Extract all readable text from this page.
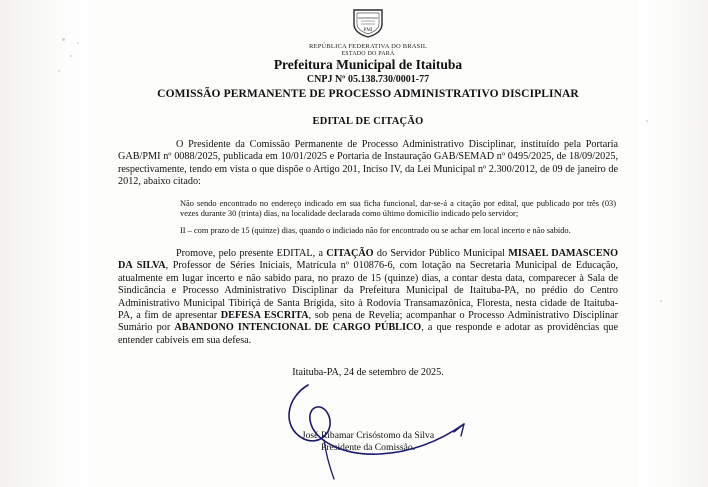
PMI
REPÚBLICA FEDERATIVA DO BRASIL
ESTADO DO PARÁ
Prefeitura Municipal de Itaituba
CNPJ Nº 05.138.730/0001-77
COMISSÃO PERMANENTE DE PROCESSO ADMINISTRATIVO DISCIPLINAR
EDITAL DE CITAÇÃO
O Presidente da Comissão Permanente de Processo Administrativo Disciplinar, instituído pela Portaria GAB/PMI nº 0088/2025, publicada em 10/01/2025 e Portaria de Instauração GAB/SEMAD nº 0495/2025, de 18/09/2025, respectivamente, tendo em vista o que dispõe o Artigo 201, Inciso IV, da Lei Municipal nº 2.300/2012, de 09 de janeiro de 2012, abaixo citado:

Não sendo encontrado no endereço indicado em sua ficha funcional, dar-se-á a citação por edital, que publicado por três (03) vezes durante 30 (trinta) dias, na localidade declarada como último domicílio indicado pelo servidor;

II – com prazo de 15 (quinze) dias, quando o indiciado não for encontrado ou se achar em local incerto e não sabido.

Promove, pelo presente EDITAL, a CITAÇÃO do Servidor Público Municipal MISAEL DAMASCENO DA SILVA, Professor de Séries Iniciais, Matrícula nº 010876-6, com lotação na Secretaria Municipal de Educação, atualmente em lugar incerto e não sabido para, no prazo de 15 (quinze) dias, a contar desta data, comparecer à Sala de Sindicância e Processo Administrativo Disciplinar da Prefeitura Municipal de Itaituba-PA, no prédio do Centro Administrativo Municipal Tibiriçá de Santa Brígida, sito à Rodovia Transamazônica, Floresta, nesta cidade de Itaituba-PA, a fim de apresentar DEFESA ESCRITA, sob pena de Revelia; acompanhar o Processo Administrativo Disciplinar Sumário por ABANDONO INTENCIONAL DE CARGO PÚBLICO, a que responde e adotar as providências que entender cabíveis em sua defesa.
Itaituba-PA, 24 de setembro de 2025.
José Ribamar Crisóstomo da Silva
Presidente da Comissão.
